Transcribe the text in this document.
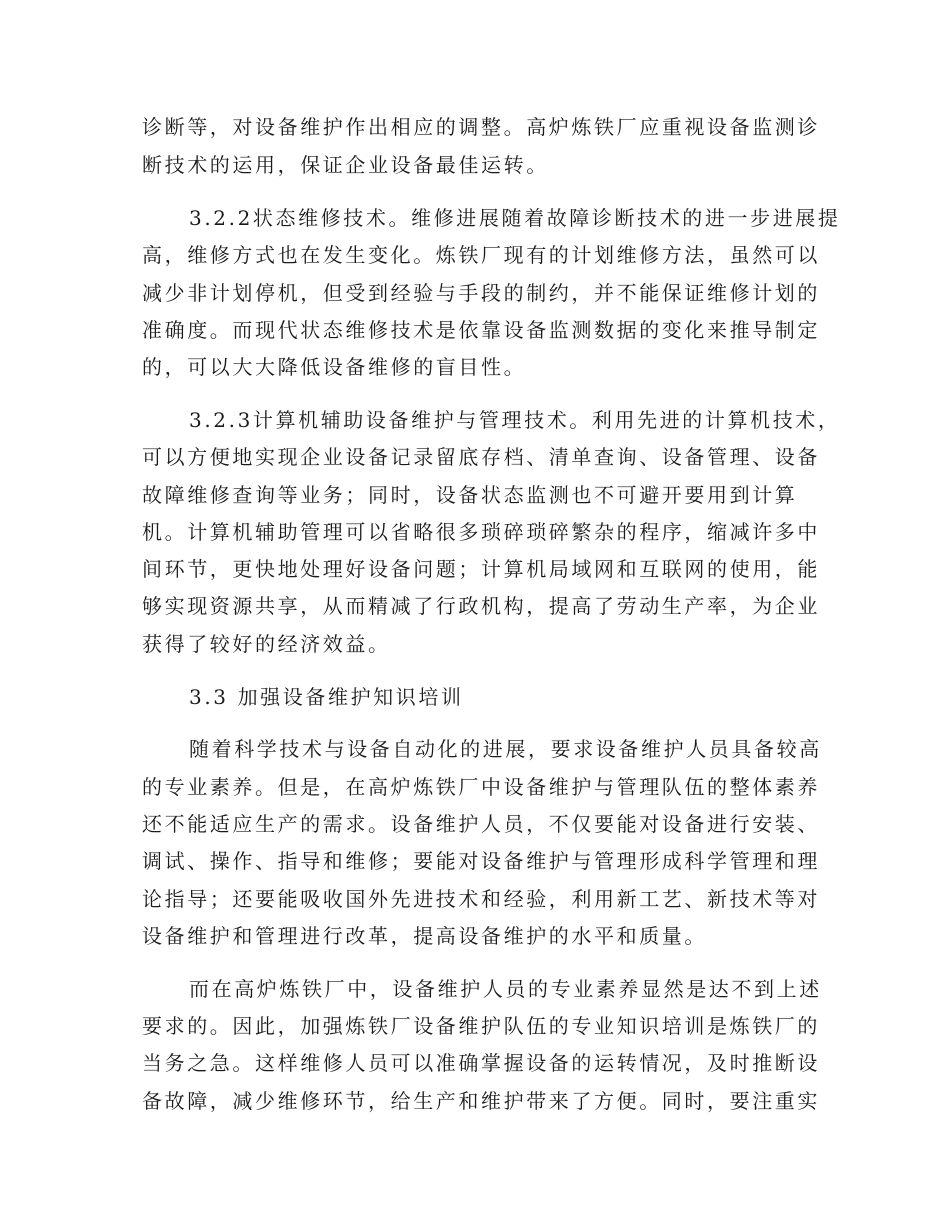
诊断等，对设备维护作出相应的调整。高炉炼铁厂应重视设备监测诊
断技术的运用，保证企业设备最佳运转。
3.2.2状态维修技术。维修进展随着故障诊断技术的进一步进展提
高，维修方式也在发生变化。炼铁厂现有的计划维修方法，虽然可以
减少非计划停机，但受到经验与手段的制约，并不能保证维修计划的
准确度。而现代状态维修技术是依靠设备监测数据的变化来推导制定
的，可以大大降低设备维修的盲目性。
3.2.3计算机辅助设备维护与管理技术。利用先进的计算机技术，
可以方便地实现企业设备记录留底存档、清单查询、设备管理、设备
故障维修查询等业务；同时，设备状态监测也不可避开要用到计算
机。计算机辅助管理可以省略很多琐碎琐碎繁杂的程序，缩减许多中
间环节，更快地处理好设备问题；计算机局域网和互联网的使用，能
够实现资源共享，从而精减了行政机构，提高了劳动生产率，为企业
获得了较好的经济效益。
3.3 加强设备维护知识培训
随着科学技术与设备自动化的进展，要求设备维护人员具备较高
的专业素养。但是，在高炉炼铁厂中设备维护与管理队伍的整体素养
还不能适应生产的需求。设备维护人员，不仅要能对设备进行安装、
调试、操作、指导和维修；要能对设备维护与管理形成科学管理和理
论指导；还要能吸收国外先进技术和经验，利用新工艺、新技术等对
设备维护和管理进行改革，提高设备维护的水平和质量。
而在高炉炼铁厂中，设备维护人员的专业素养显然是达不到上述
要求的。因此，加强炼铁厂设备维护队伍的专业知识培训是炼铁厂的
当务之急。这样维修人员可以准确掌握设备的运转情况，及时推断设
备故障，减少维修环节，给生产和维护带来了方便。同时，要注重实
